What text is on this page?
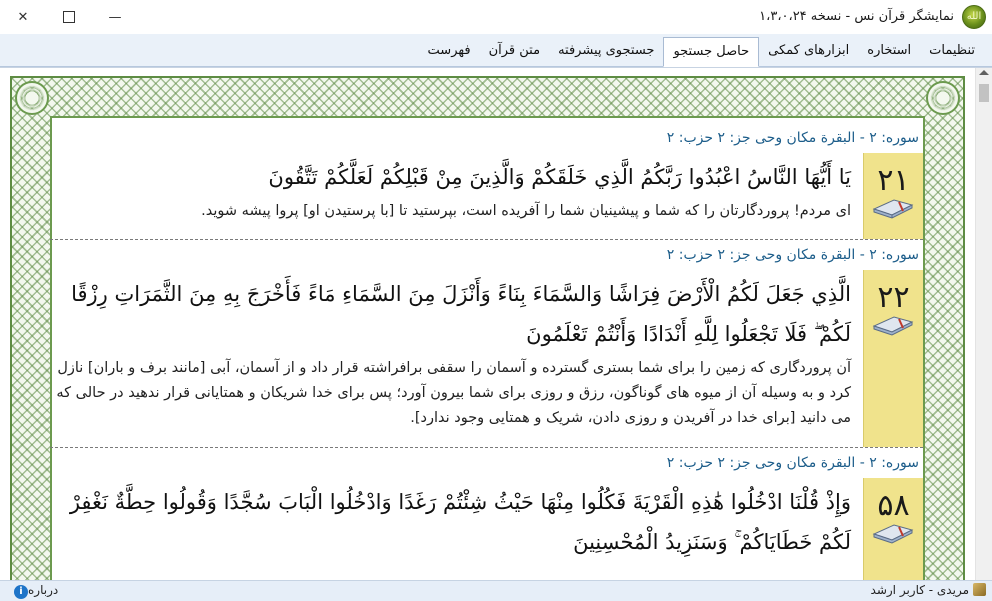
الله
نمایشگر قرآن نس - نسخه ۱،۳،۰،۲۴
—
✕
فهرست	متن قرآن	جستجوی پیشرفته	حاصل جستجو	ابزارهای کمکی	استخاره	تنظیمات
سوره: ۲ - البقرة مكان وحی جز: ۲ حزب: ۲
۲۱
يَا أَيُّهَا النَّاسُ اعْبُدُوا رَبَّكُمُ الَّذِي خَلَقَكُمْ وَالَّذِينَ مِنْ قَبْلِكُمْ لَعَلَّكُمْ تَتَّقُونَ
ای مردم! پروردگارتان را كه شما و پیشینیان شما را آفریده است، بپرستید تا [با پرستیدن او] پروا پیشه شوید.
سوره: ۲ - البقرة مكان وحی جز: ۲ حزب: ۲
۲۲
الَّذِي جَعَلَ لَكُمُ الْأَرْضَ فِرَاشًا وَالسَّمَاءَ بِنَاءً وَأَنْزَلَ مِنَ السَّمَاءِ مَاءً فَأَخْرَجَ بِهِ مِنَ الثَّمَرَاتِ رِزْقًا لَكُمْ ۖ فَلَا تَجْعَلُوا لِلَّهِ أَنْدَادًا وَأَنْتُمْ تَعْلَمُونَ
آن پروردگاری كه زمین را برای شما بستری گسترده و آسمان را سقفی برافراشته قرار داد و از آسمان، آبی [مانند برف و باران] نازل كرد و به وسیله آن از میوه های گوناگون، رزق و روزی برای شما بیرون آورد؛ پس برای خدا شریكان و همتایانی قرار ندهید در حالی كه می دانید [برای خدا در آفریدن و روزی دادن، شریک و همتایی وجود ندارد].
سوره: ۲ - البقرة مكان وحی جز: ۲ حزب: ۲
۵۸
وَإِذْ قُلْنَا ادْخُلُوا هَٰذِهِ الْقَرْيَةَ فَكُلُوا مِنْهَا حَيْثُ شِئْتُمْ رَغَدًا وَادْخُلُوا الْبَابَ سُجَّدًا وَقُولُوا حِطَّةٌ نَغْفِرْ لَكُمْ خَطَايَاكُمْ ۚ وَسَنَزِيدُ الْمُحْسِنِينَ
مریدی - کاربر ارشد
i درباره
